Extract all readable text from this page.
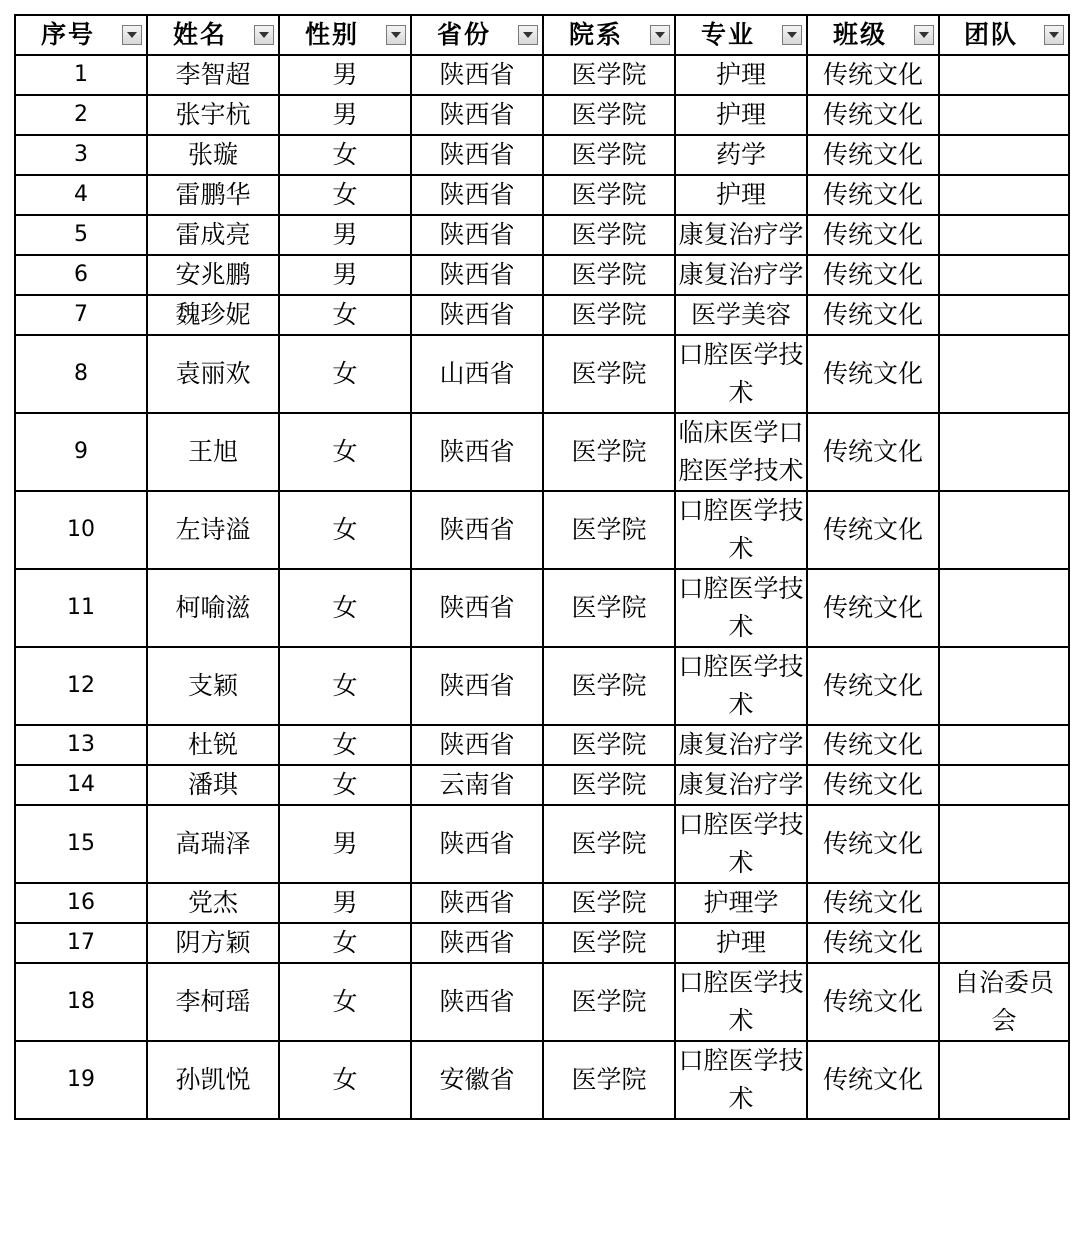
序号	姓名	性别	省份	院系	专业	班级	团队

1	李智超	男	陕西省	医学院	护理	传统文化	
2	张宇杭	男	陕西省	医学院	护理	传统文化	
3	张璇	女	陕西省	医学院	药学	传统文化	
4	雷鹏华	女	陕西省	医学院	护理	传统文化	
5	雷成亮	男	陕西省	医学院	康复治疗学	传统文化	
6	安兆鹏	男	陕西省	医学院	康复治疗学	传统文化	
7	魏珍妮	女	陕西省	医学院	医学美容	传统文化	
8	袁丽欢	女	山西省	医学院	口腔医学技术	传统文化	
9	王旭	女	陕西省	医学院	临床医学口腔医学技术	传统文化	
10	左诗溢	女	陕西省	医学院	口腔医学技术	传统文化	
11	柯喻滋	女	陕西省	医学院	口腔医学技术	传统文化	
12	支颖	女	陕西省	医学院	口腔医学技术	传统文化	
13	杜锐	女	陕西省	医学院	康复治疗学	传统文化	
14	潘琪	女	云南省	医学院	康复治疗学	传统文化	
15	高瑞泽	男	陕西省	医学院	口腔医学技术	传统文化	
16	党杰	男	陕西省	医学院	护理学	传统文化	
17	阴方颖	女	陕西省	医学院	护理	传统文化	
18	李柯瑶	女	陕西省	医学院	口腔医学技术	传统文化	自治委员会
19	孙凯悦	女	安徽省	医学院	口腔医学技术	传统文化	
